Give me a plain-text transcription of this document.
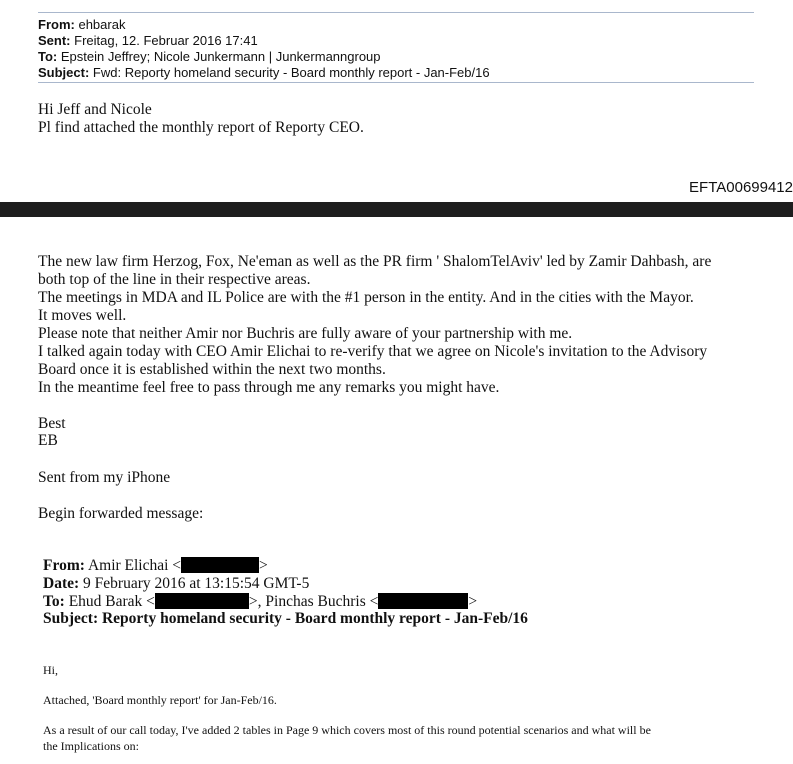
From: ehbarak
Sent: Freitag, 12. Februar 2016 17:41
To: Epstein Jeffrey; Nicole Junkermann | Junkermanngroup
Subject: Fwd: Reporty homeland security - Board monthly report - Jan-Feb/16
Hi Jeff and Nicole
Pl find attached the monthly report of Reporty CEO.
EFTA00699412
The new law firm Herzog, Fox, Ne'eman as well as the PR firm ' ShalomTelAviv' led by Zamir Dahbash, are
both top of the line in their respective areas.
The meetings in MDA and IL Police are with the #1 person in the entity. And in the cities with the Mayor.
It moves well.
Please note that neither Amir nor Buchris are fully aware of your partnership with me.
I talked again today with CEO Amir Elichai to re-verify that we agree on Nicole's invitation to the Advisory
Board once it is established within the next two months.
In the meantime feel free to pass through me any remarks you might have.
Best
EB
Sent from my iPhone
Begin forwarded message:
From: Amir Elichai <	>
Date: 9 February 2016 at 13:15:54 GMT-5
To: Ehud Barak <	>, Pinchas Buchris <	>
Subject: Reporty homeland security - Board monthly report - Jan-Feb/16
Hi,
Attached, 'Board monthly report' for Jan-Feb/16.
As a result of our call today, I've added 2 tables in Page 9 which covers most of this round potential scenarios and what will be
the Implications on:
